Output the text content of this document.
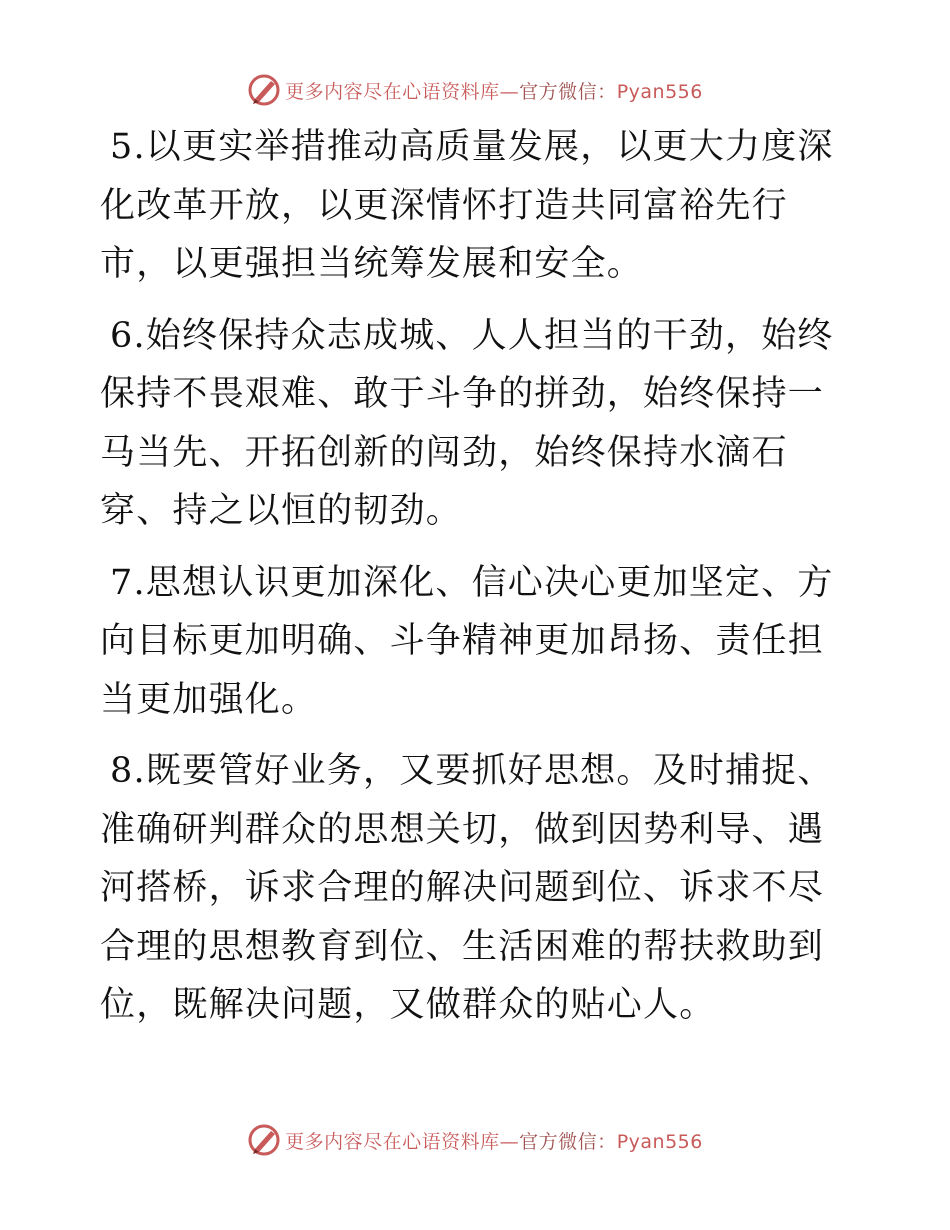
更多内容尽在心语资料库—官方微信：Pyan556

5.以更实举措推动高质量发展，以更大力度深化改革开放，以更深情怀打造共同富裕先行市，以更强担当统筹发展和安全。

6.始终保持众志成城、人人担当的干劲，始终保持不畏艰难、敢于斗争的拼劲，始终保持一马当先、开拓创新的闯劲，始终保持水滴石穿、持之以恒的韧劲。

7.思想认识更加深化、信心决心更加坚定、方向目标更加明确、斗争精神更加昂扬、责任担当更加强化。

8.既要管好业务，又要抓好思想。及时捕捉、准确研判群众的思想关切，做到因势利导、遇河搭桥，诉求合理的解决问题到位、诉求不尽合理的思想教育到位、生活困难的帮扶救助到位，既解决问题，又做群众的贴心人。

更多内容尽在心语资料库—官方微信：Pyan556
